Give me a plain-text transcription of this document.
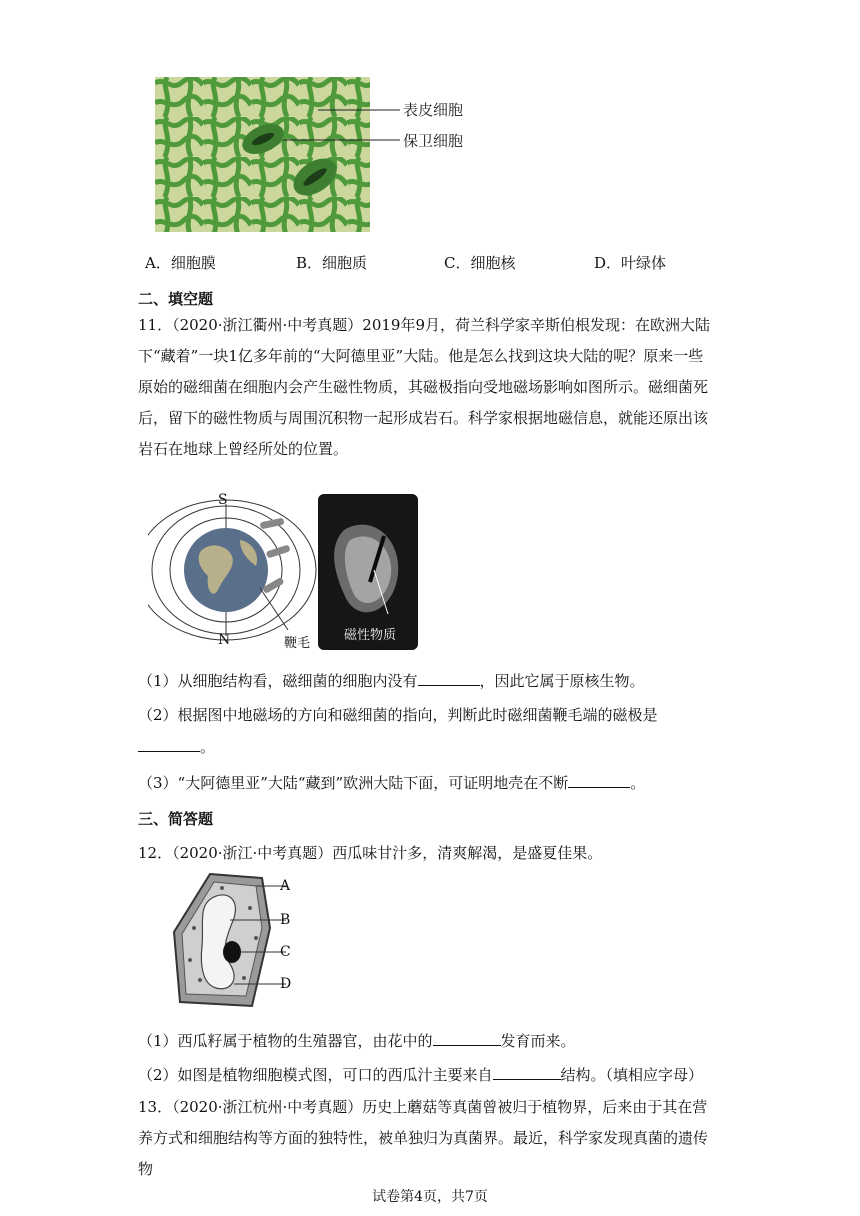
表皮细胞
保卫细胞
A．细胞膜	B．细胞质	C．细胞核	D．叶绿体
二、填空题
11．（2020·浙江衢州·中考真题）2019年9月，荷兰科学家辛斯伯根发现：在欧洲大陆下“藏着”一块1亿多年前的“大阿德里亚”大陆。他是怎么找到这块大陆的呢？原来一些原始的磁细菌在细胞内会产生磁性物质，其磁极指向受地磁场影响如图所示。磁细菌死后，留下的磁性物质与周围沉积物一起形成岩石。科学家根据地磁信息，就能还原出该岩石在地球上曾经所处的位置。
S
N	鞭毛
磁性物质
（1）从细胞结构看，磁细菌的细胞内没有	，因此它属于原核生物。
（2）根据图中地磁场的方向和磁细菌的指向，判断此时磁细菌鞭毛端的磁极是
。
（3）“大阿德里亚”大陆“藏到”欧洲大陆下面，可证明地壳在不断	。
三、简答题
12．（2020·浙江·中考真题）西瓜味甘汁多，清爽解渴，是盛夏佳果。
A
B
C
D
（1）西瓜籽属于植物的生殖器官，由花中的	发育而来。
（2）如图是植物细胞模式图，可口的西瓜汁主要来自	结构。（填相应字母）
13．（2020·浙江杭州·中考真题）历史上蘑菇等真菌曾被归于植物界，后来由于其在营养方式和细胞结构等方面的独特性，被单独归为真菌界。最近，科学家发现真菌的遗传物
试卷第4页，共7页
